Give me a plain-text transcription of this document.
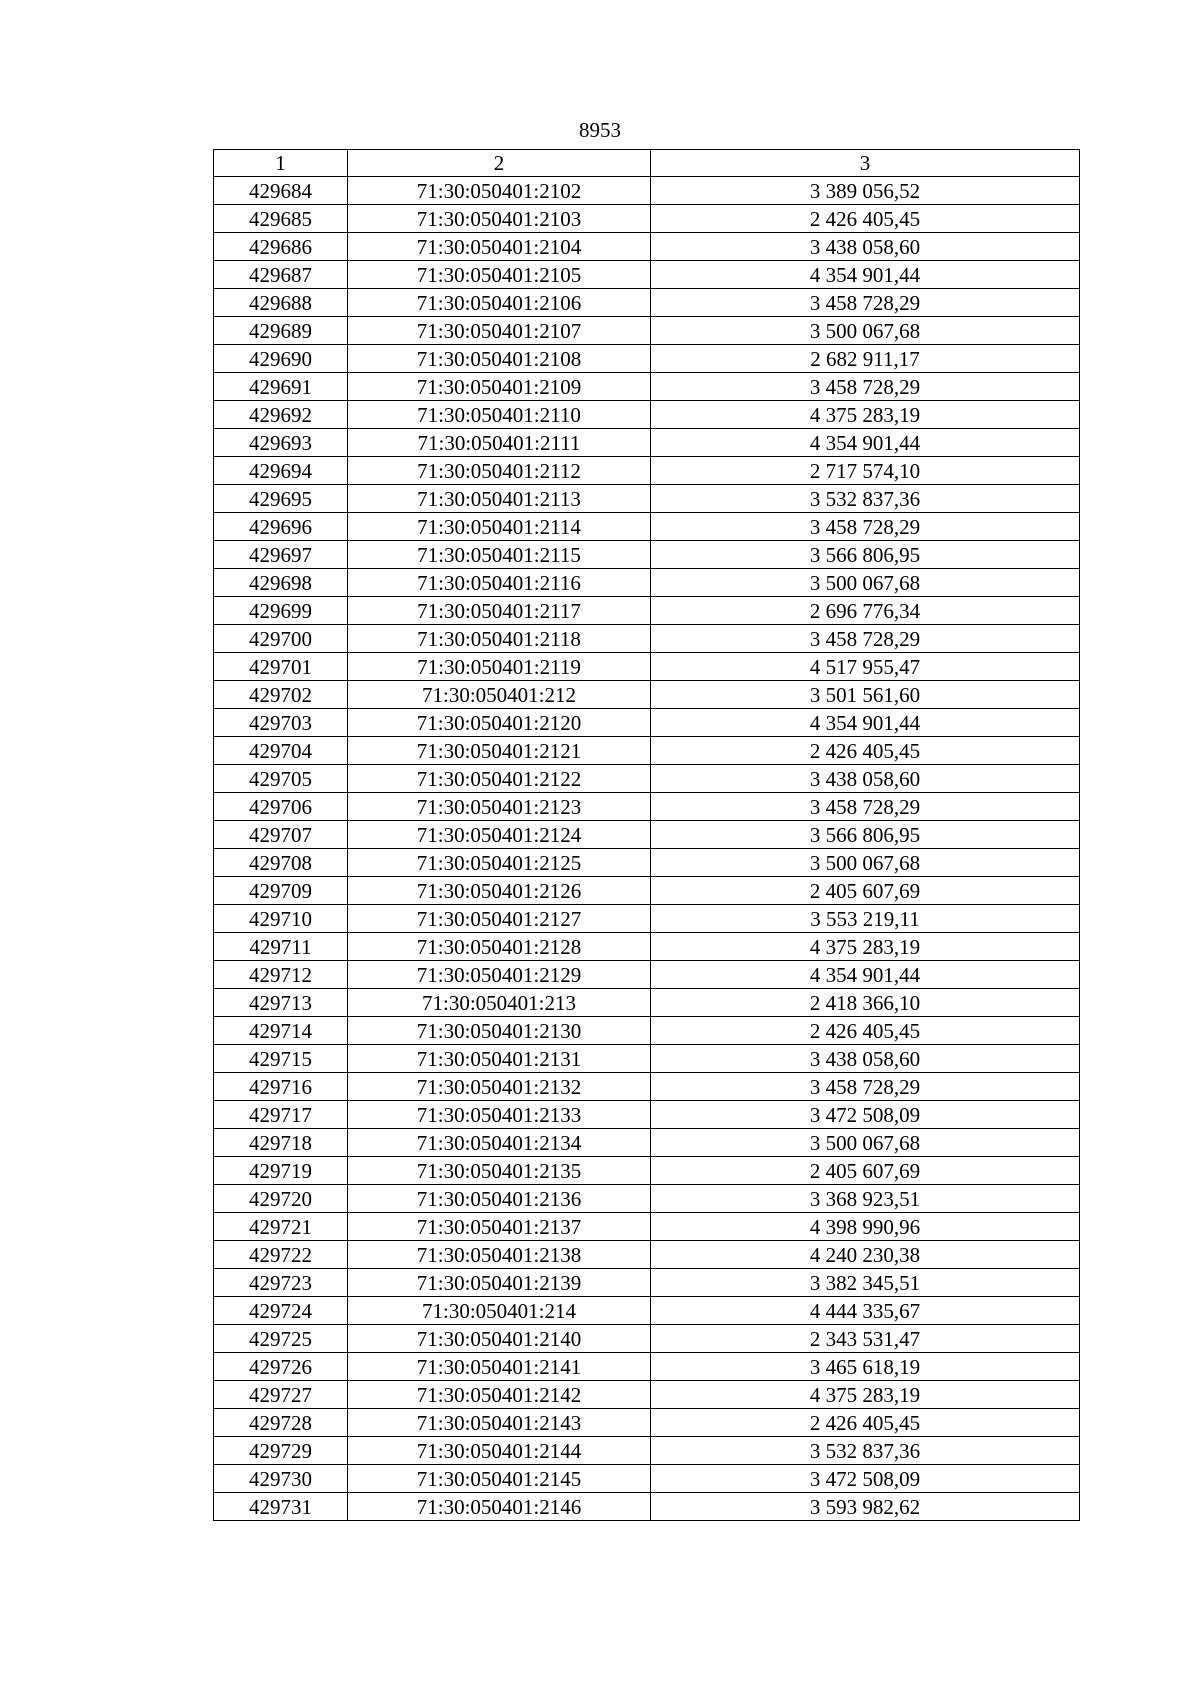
8953
1	2	3
429684	71:30:050401:2102	3 389 056,52
429685	71:30:050401:2103	2 426 405,45
429686	71:30:050401:2104	3 438 058,60
429687	71:30:050401:2105	4 354 901,44
429688	71:30:050401:2106	3 458 728,29
429689	71:30:050401:2107	3 500 067,68
429690	71:30:050401:2108	2 682 911,17
429691	71:30:050401:2109	3 458 728,29
429692	71:30:050401:2110	4 375 283,19
429693	71:30:050401:2111	4 354 901,44
429694	71:30:050401:2112	2 717 574,10
429695	71:30:050401:2113	3 532 837,36
429696	71:30:050401:2114	3 458 728,29
429697	71:30:050401:2115	3 566 806,95
429698	71:30:050401:2116	3 500 067,68
429699	71:30:050401:2117	2 696 776,34
429700	71:30:050401:2118	3 458 728,29
429701	71:30:050401:2119	4 517 955,47
429702	71:30:050401:212	3 501 561,60
429703	71:30:050401:2120	4 354 901,44
429704	71:30:050401:2121	2 426 405,45
429705	71:30:050401:2122	3 438 058,60
429706	71:30:050401:2123	3 458 728,29
429707	71:30:050401:2124	3 566 806,95
429708	71:30:050401:2125	3 500 067,68
429709	71:30:050401:2126	2 405 607,69
429710	71:30:050401:2127	3 553 219,11
429711	71:30:050401:2128	4 375 283,19
429712	71:30:050401:2129	4 354 901,44
429713	71:30:050401:213	2 418 366,10
429714	71:30:050401:2130	2 426 405,45
429715	71:30:050401:2131	3 438 058,60
429716	71:30:050401:2132	3 458 728,29
429717	71:30:050401:2133	3 472 508,09
429718	71:30:050401:2134	3 500 067,68
429719	71:30:050401:2135	2 405 607,69
429720	71:30:050401:2136	3 368 923,51
429721	71:30:050401:2137	4 398 990,96
429722	71:30:050401:2138	4 240 230,38
429723	71:30:050401:2139	3 382 345,51
429724	71:30:050401:214	4 444 335,67
429725	71:30:050401:2140	2 343 531,47
429726	71:30:050401:2141	3 465 618,19
429727	71:30:050401:2142	4 375 283,19
429728	71:30:050401:2143	2 426 405,45
429729	71:30:050401:2144	3 532 837,36
429730	71:30:050401:2145	3 472 508,09
429731	71:30:050401:2146	3 593 982,62
